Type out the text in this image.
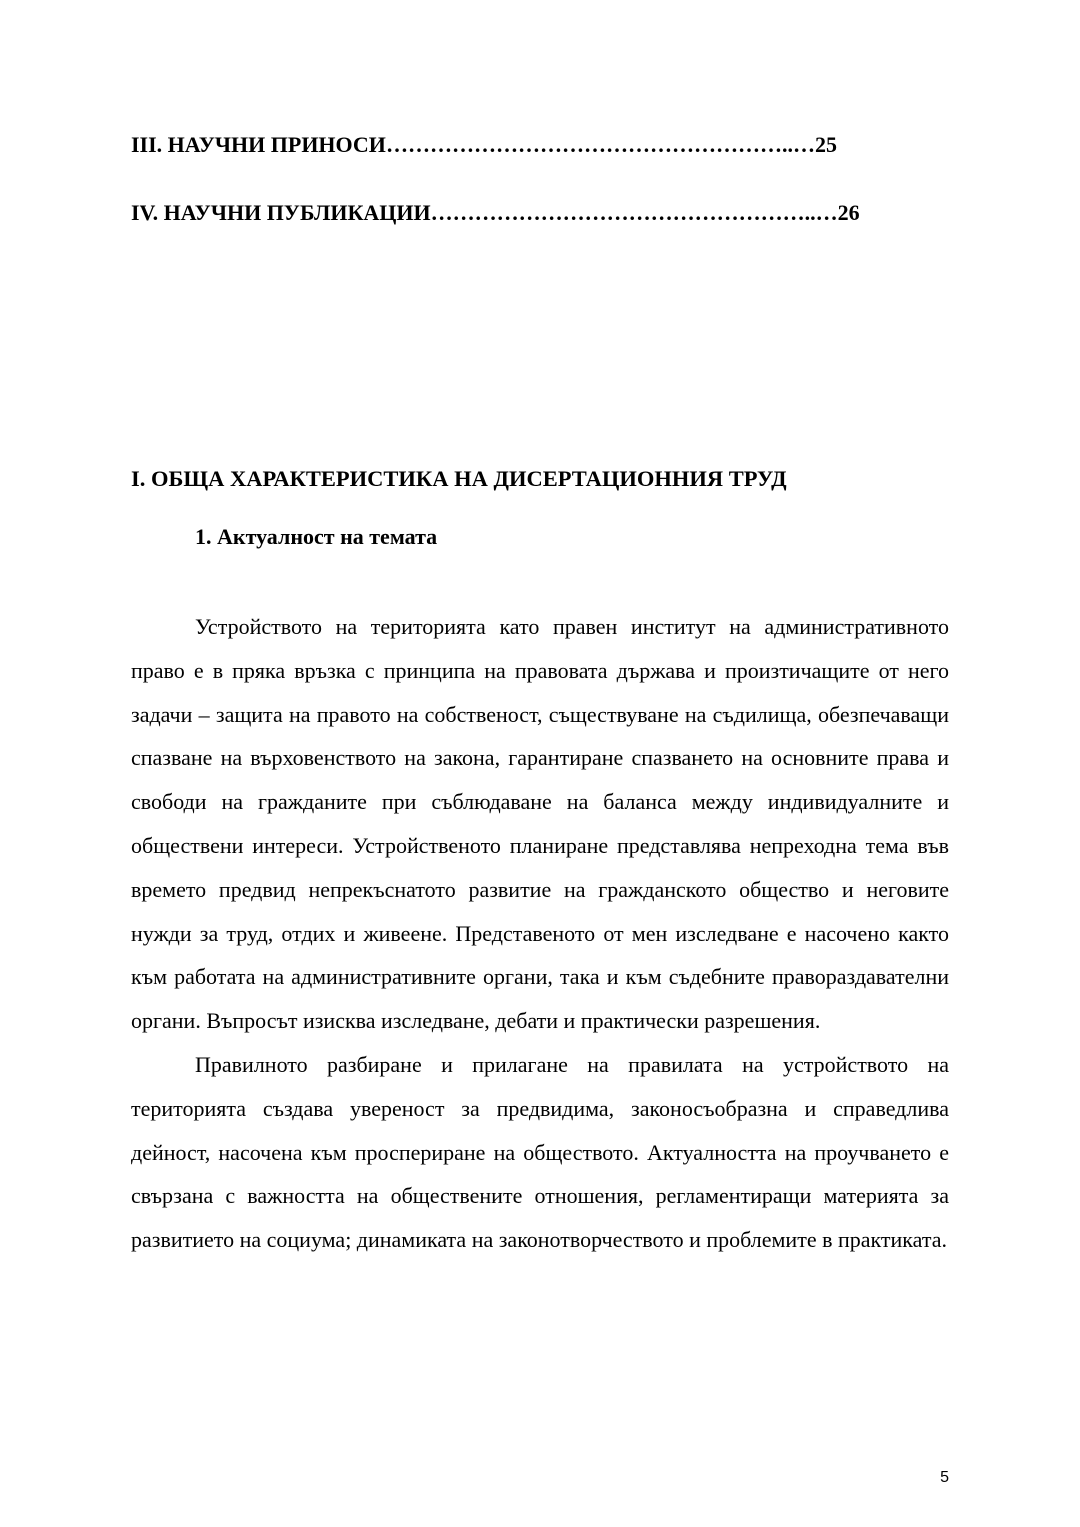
III. НАУЧНИ ПРИНОСИ………………………………………………..…25
IV. НАУЧНИ ПУБЛИКАЦИИ……………………………………………..…26
I. ОБЩА ХАРАКТЕРИСТИКА НА ДИСЕРТАЦИОННИЯ ТРУД
1. Актуалност на темата

Устройството на територията като правен институт на административното право е в пряка връзка с принципа на правовата държава и произтичащите от него задачи – защита на правото на собственост, съществуване на съдилища, обезпечаващи спазване на върховенството на закона, гарантиране спазването на основните права и свободи на гражданите при съблюдаване на баланса между индивидуалните и обществени интереси. Устройственото планиране представлява непреходна тема във времето предвид непрекъснатото развитие на гражданското общество и неговите нужди за труд, отдих и живеене. Представеното от мен изследване е насочено както към работата на административните органи, така и към съдебните правораздавателни органи. Въпросът изисква изследване, дебати и практически разрешения.

Правилното разбиране и прилагане на правилата на устройството на територията създава увереност за предвидима, законосъобразна и справедлива дейност, насочена към проспериране на обществото. Актуалността на проучването е свързана с важността на обществените отношения, регламентиращи материята за развитието на социума; динамиката на законотворчеството и проблемите в практиката.

5
